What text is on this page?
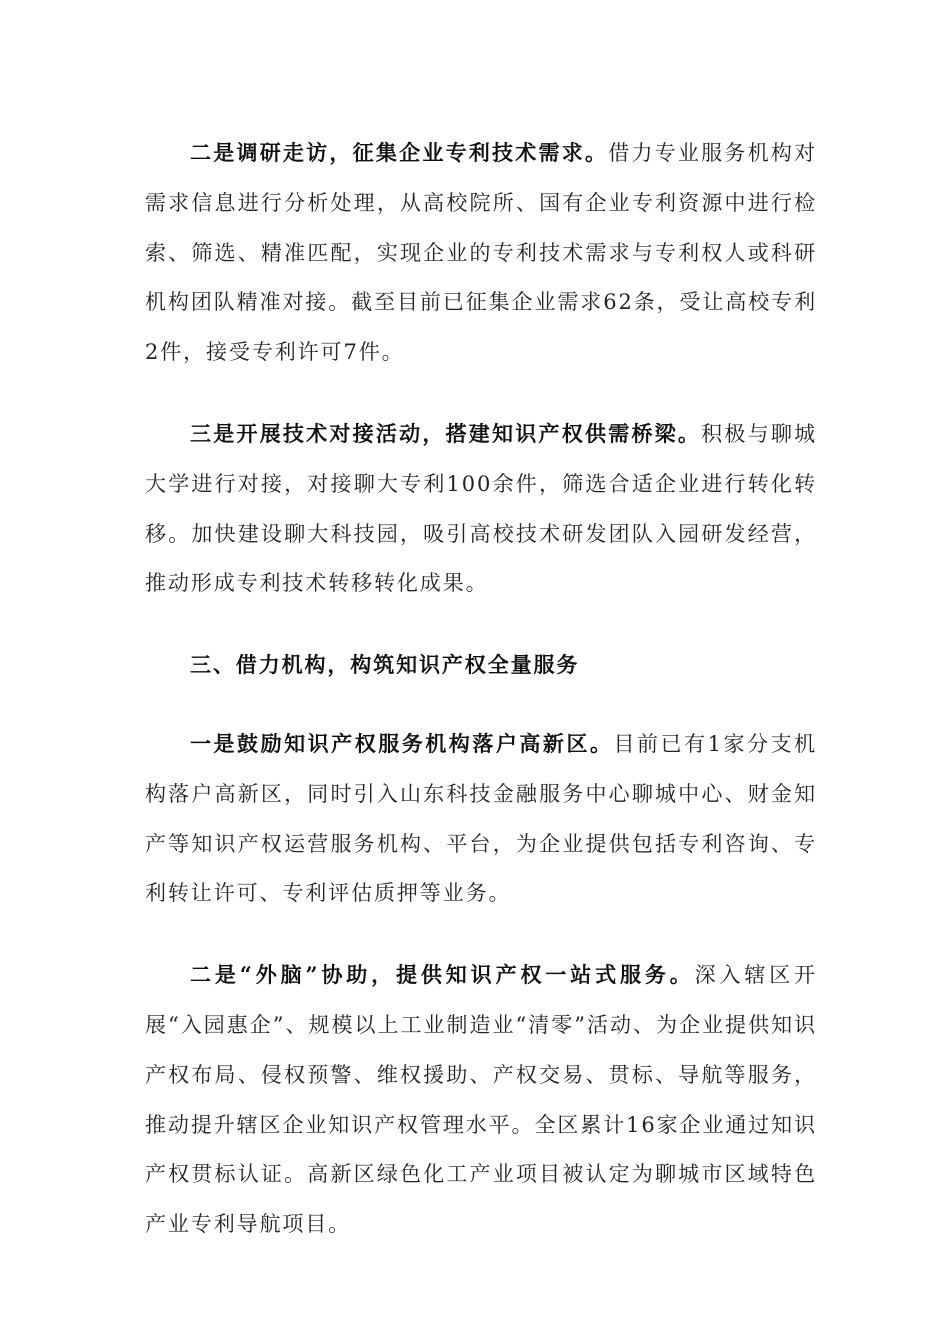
二是调研走访，征集企业专利技术需求。借力专业服务机构对需求信息进行分析处理，从高校院所、国有企业专利资源中进行检索、筛选、精准匹配，实现企业的专利技术需求与专利权人或科研机构团队精准对接。截至目前已征集企业需求62条，受让高校专利2件，接受专利许可7件。

三是开展技术对接活动，搭建知识产权供需桥梁。积极与聊城大学进行对接，对接聊大专利100余件，筛选合适企业进行转化转移。加快建设聊大科技园，吸引高校技术研发团队入园研发经营，推动形成专利技术转移转化成果。

三、借力机构，构筑知识产权全量服务

一是鼓励知识产权服务机构落户高新区。目前已有1家分支机构落户高新区，同时引入山东科技金融服务中心聊城中心、财金知产等知识产权运营服务机构、平台，为企业提供包括专利咨询、专利转让许可、专利评估质押等业务。

二是“外脑”协助，提供知识产权一站式服务。深入辖区开展“入园惠企”、规模以上工业制造业“清零”活动、为企业提供知识产权布局、侵权预警、维权援助、产权交易、贯标、导航等服务，推动提升辖区企业知识产权管理水平。全区累计16家企业通过知识产权贯标认证。高新区绿色化工产业项目被认定为聊城市区域特色产业专利导航项目。
